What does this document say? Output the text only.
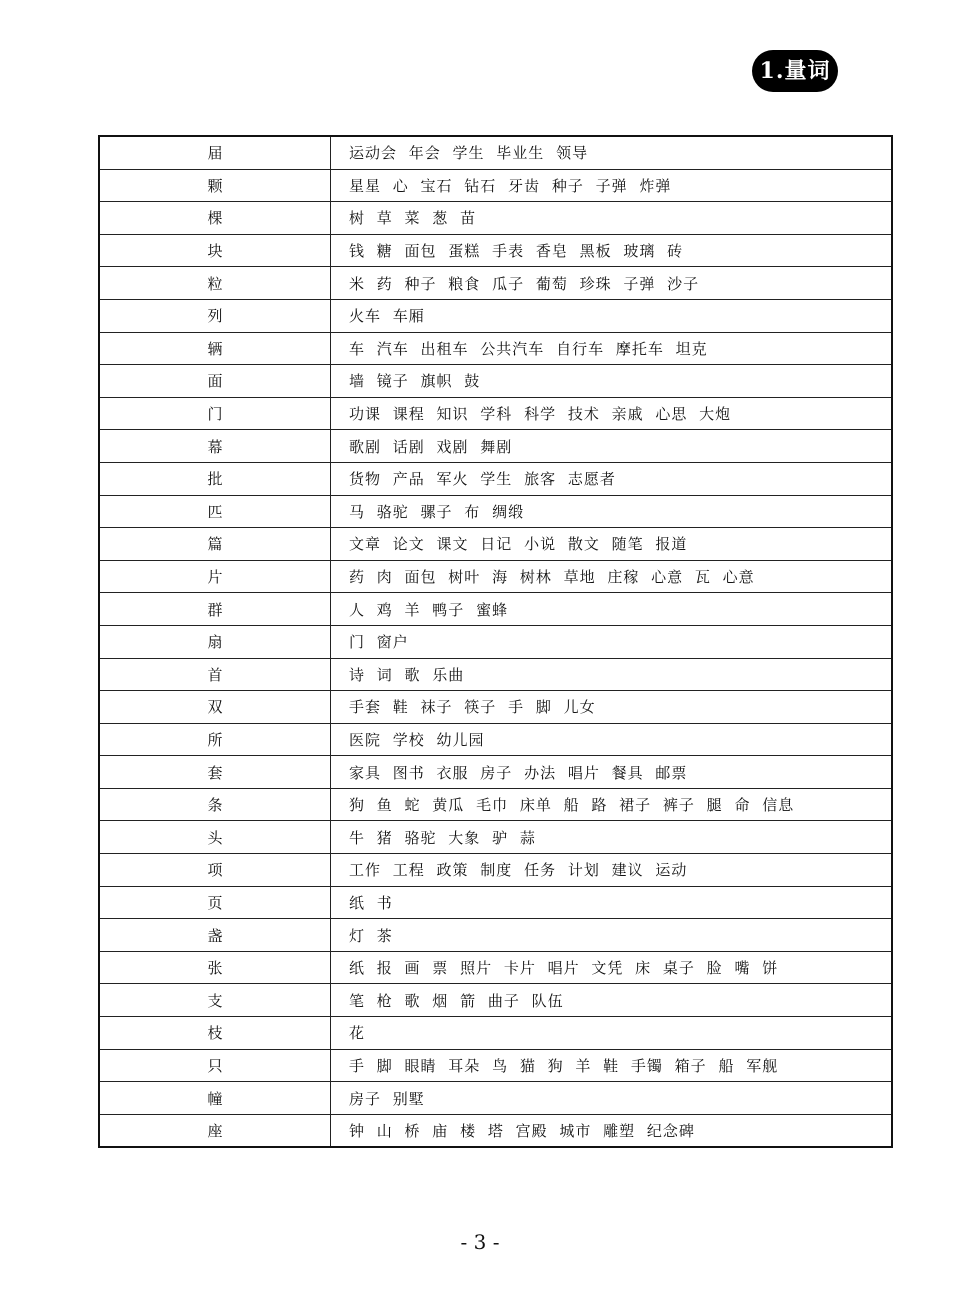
1.量词
届	运动会 年会 学生 毕业生 领导
颗	星星 心 宝石 钻石 牙齿 种子 子弹 炸弹
棵	树 草 菜 葱 苗
块	钱 糖 面包 蛋糕 手表 香皂 黑板 玻璃 砖
粒	米 药 种子 粮食 瓜子 葡萄 珍珠 子弹 沙子
列	火车 车厢
辆	车 汽车 出租车 公共汽车 自行车 摩托车 坦克
面	墙 镜子 旗帜 鼓
门	功课 课程 知识 学科 科学 技术 亲戚 心思 大炮
幕	歌剧 话剧 戏剧 舞剧
批	货物 产品 军火 学生 旅客 志愿者
匹	马 骆驼 骡子 布 绸缎
篇	文章 论文 课文 日记 小说 散文 随笔 报道
片	药 肉 面包 树叶 海 树林 草地 庄稼 心意 瓦 心意
群	人 鸡 羊 鸭子 蜜蜂
扇	门 窗户
首	诗 词 歌 乐曲
双	手套 鞋 袜子 筷子 手 脚 儿女
所	医院 学校 幼儿园
套	家具 图书 衣服 房子 办法 唱片 餐具 邮票
条	狗 鱼 蛇 黄瓜 毛巾 床单 船 路 裙子 裤子 腿 命 信息
头	牛 猪 骆驼 大象 驴 蒜
项	工作 工程 政策 制度 任务 计划 建议 运动
页	纸 书
盏	灯 茶
张	纸 报 画 票 照片 卡片 唱片 文凭 床 桌子 脸 嘴 饼
支	笔 枪 歌 烟 箭 曲子 队伍
枝	花
只	手 脚 眼睛 耳朵 鸟 猫 狗 羊 鞋 手镯 箱子 船 军舰
幢	房子 别墅
座	钟 山 桥 庙 楼 塔 宫殿 城市 雕塑 纪念碑
- 3 -
